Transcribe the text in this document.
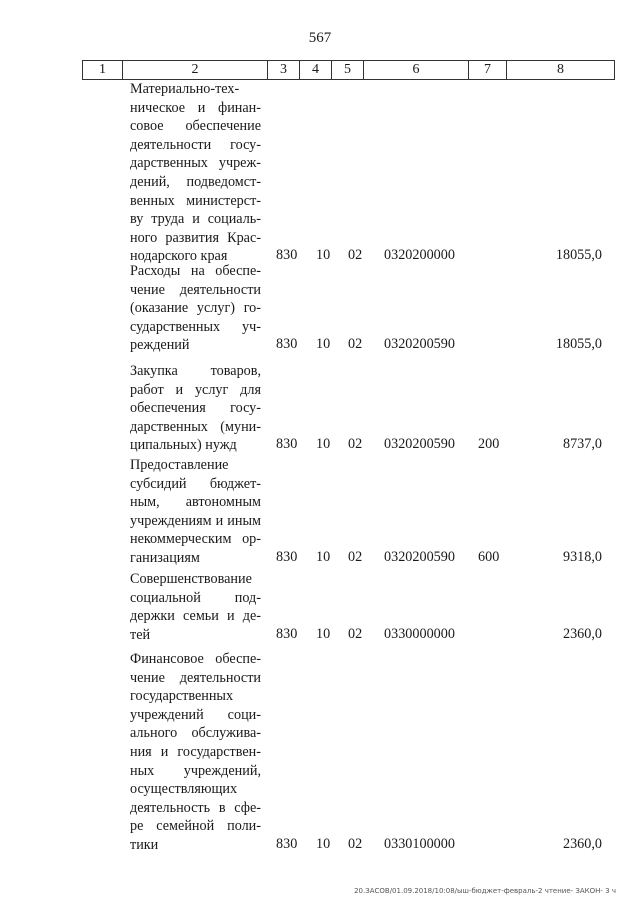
567
1	2	3	4	5	6	7	8
Материально-тех-
ническое и финан-
совое обеспечение
деятельности госу-
дарственных учреж-
дений, подведомст-
венных министерст-
ву труда и социаль-
ного развития Крас-
нодарского края	830 10 02 0320200000	18055,0
Расходы на обеспе-
чение деятельности
(оказание услуг) го-
сударственных уч-
реждений	830 10 02 0320200590	18055,0
Закупка товаров,
работ и услуг для
обеспечения госу-
дарственных (муни-
ципальных) нужд	830 10 02 0320200590 200	8737,0
Предоставление
субсидий бюджет-
ным, автономным
учреждениям и иным
некоммерческим ор-
ганизациям	830 10 02 0320200590 600	9318,0
Совершенствование
социальной под-
держки семьи и де-
тей	830 10 02 0330000000	2360,0
Финансовое обеспе-
чение деятельности
государственных
учреждений соци-
ального обслужива-
ния и государствен-
ных учреждений,
осуществляющих
деятельность в сфе-
ре семейной поли-
тики	830 10 02 0330100000	2360,0
20.ЗАСОВ/01.09.2018/10:08/ыш-бюджет-февраль-2 чтение- ЗАКОН- 3 ч
